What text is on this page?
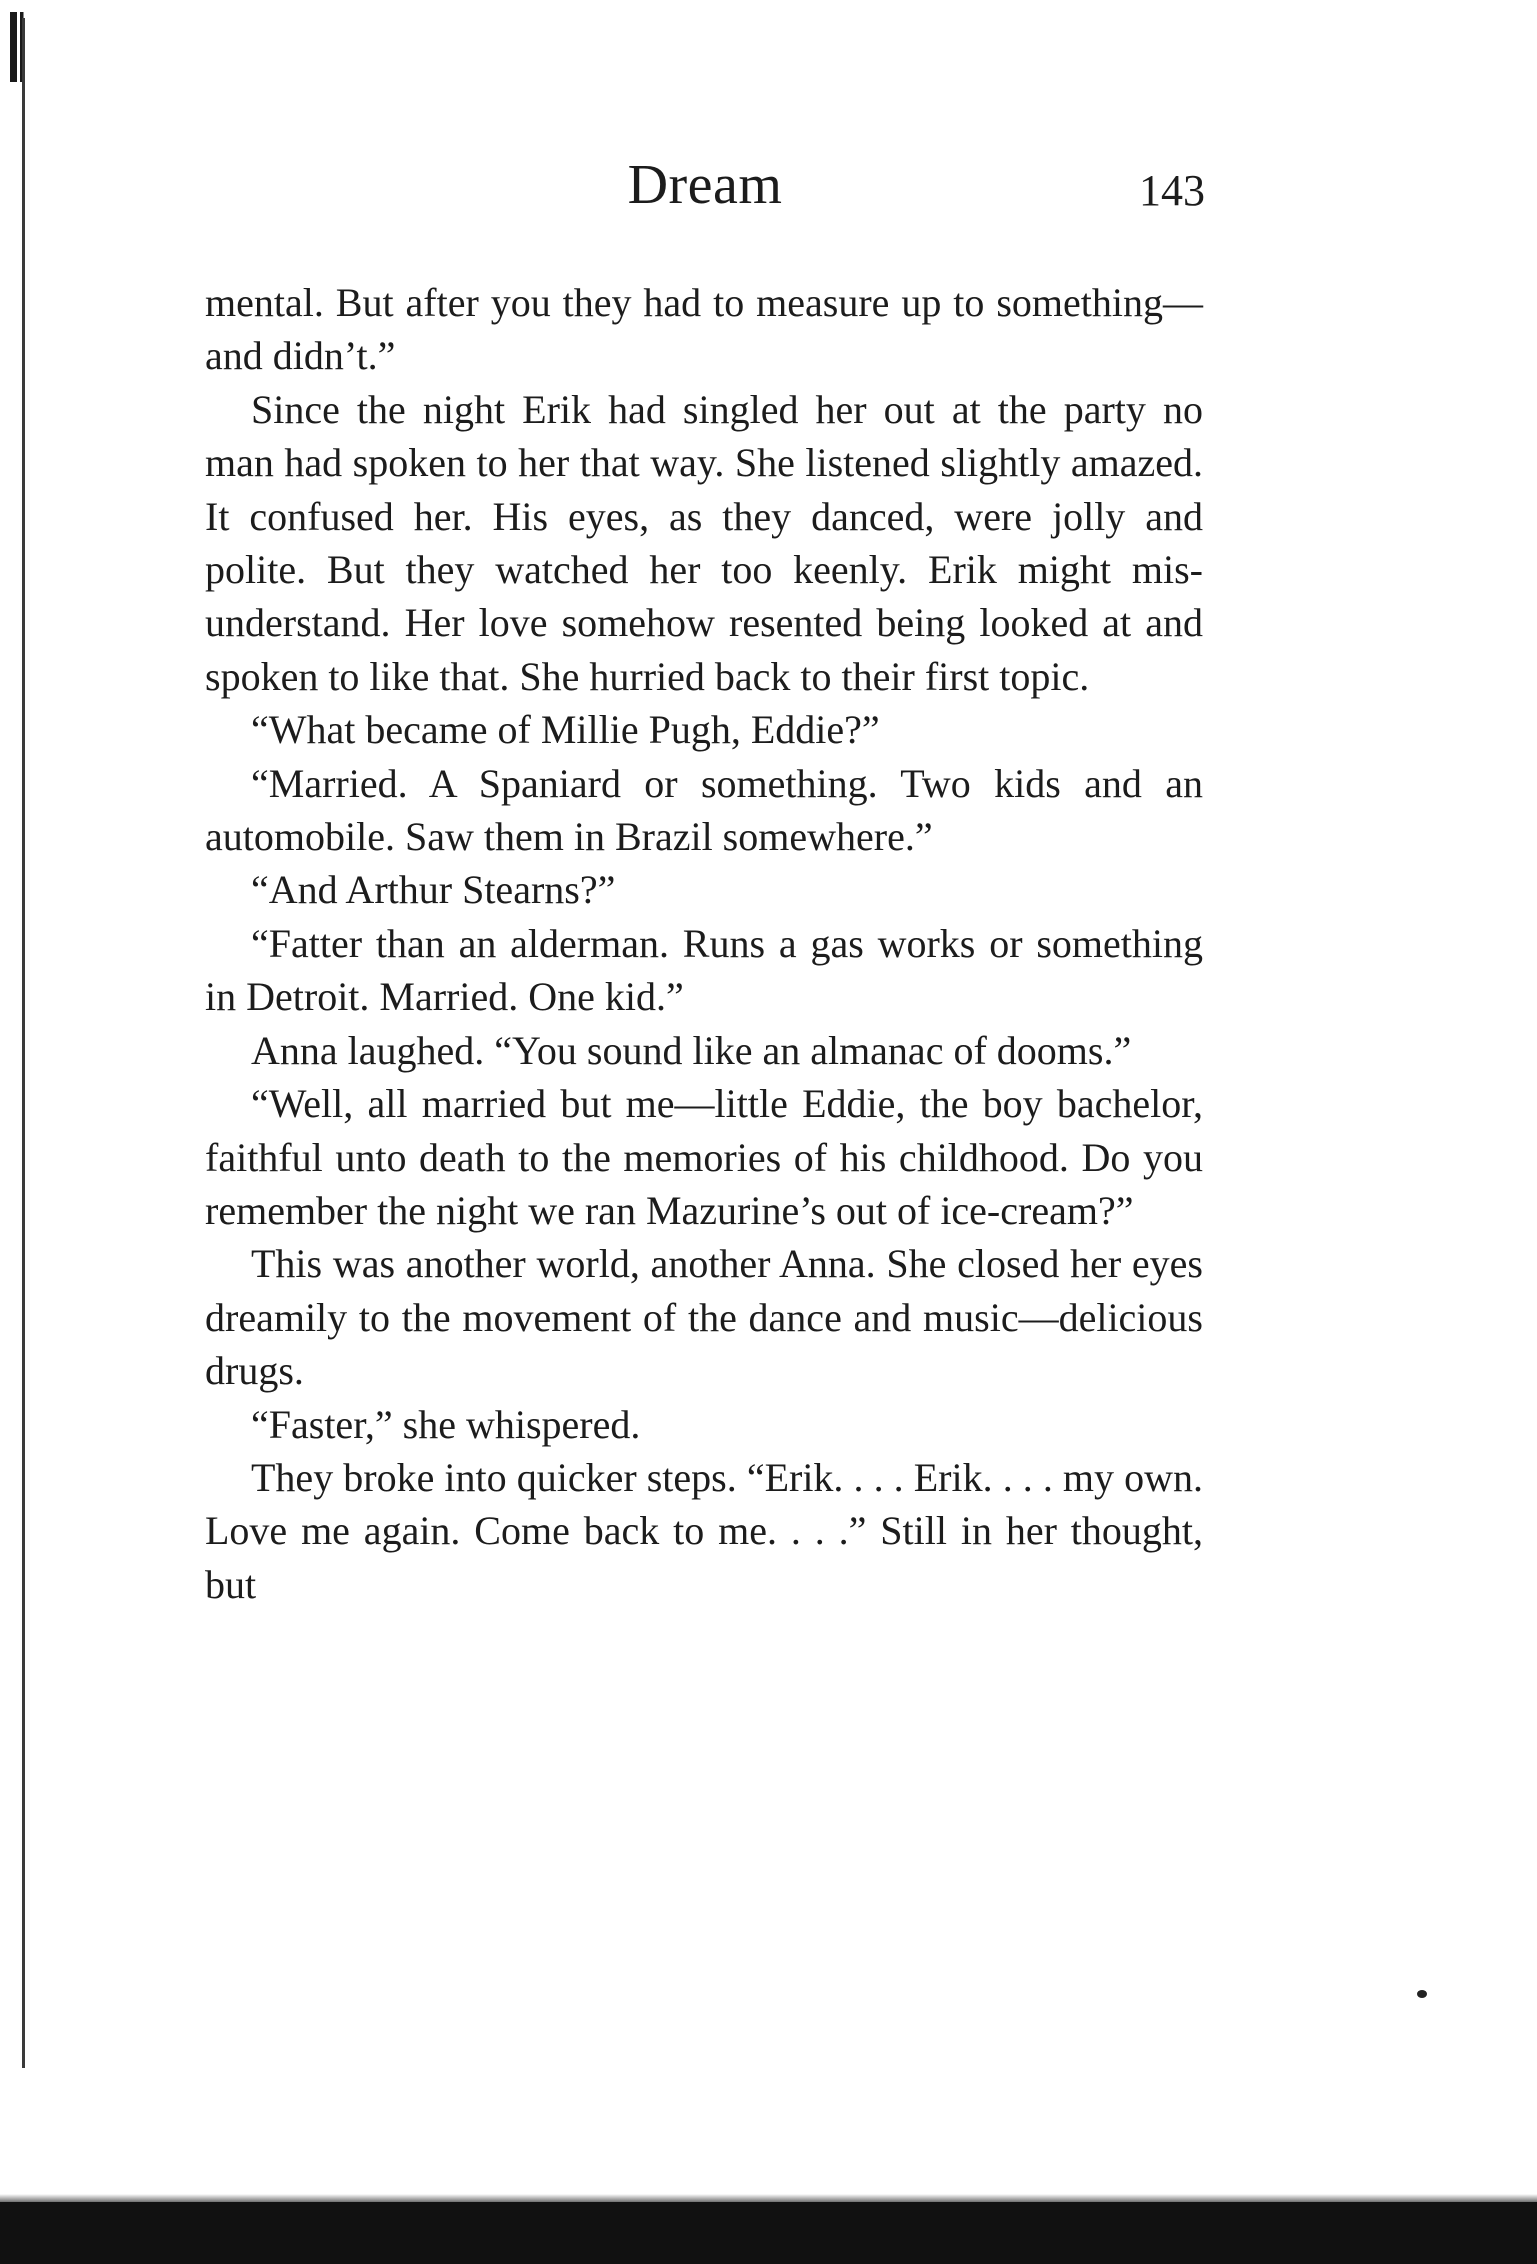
Dream	143

mental. But after you they had to measure up to something—and didn’t.”

Since the night Erik had singled her out at the party no man had spoken to her that way. She listened slightly amazed. It confused her. His eyes, as they danced, were jolly and polite. But they watched her too keenly. Erik might misunderstand. Her love somehow resented being looked at and spoken to like that. She hurried back to their first topic.

“What became of Millie Pugh, Eddie?”

“Married. A Spaniard or something. Two kids and an automobile. Saw them in Brazil somewhere.”

“And Arthur Stearns?”

“Fatter than an alderman. Runs a gas works or something in Detroit. Married. One kid.”

Anna laughed. “You sound like an almanac of dooms.”

“Well, all married but me—little Eddie, the boy bachelor, faithful unto death to the memories of his childhood. Do you remember the night we ran Mazurine’s out of ice-cream?”

This was another world, another Anna. She closed her eyes dreamily to the movement of the dance and music—delicious drugs.

“Faster,” she whispered.

They broke into quicker steps. “Erik. . . . Erik. . . . my own. Love me again. Come back to me. . . .” Still in her thought, but
